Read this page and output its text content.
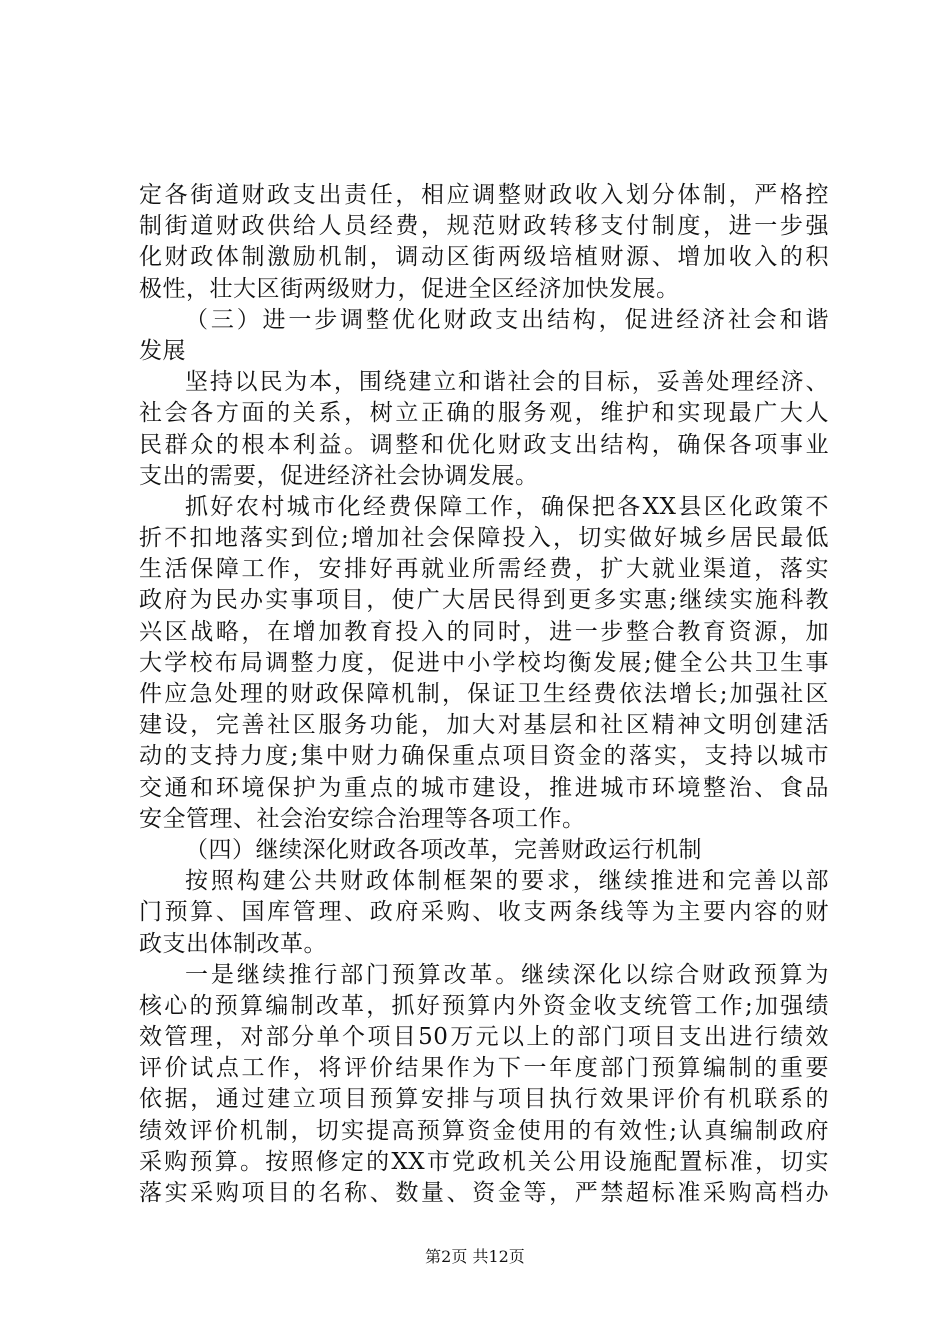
定各街道财政支出责任，相应调整财政收入划分体制，严格控
制街道财政供给人员经费，规范财政转移支付制度，进一步强
化财政体制激励机制，调动区街两级培植财源、增加收入的积
极性，壮大区街两级财力，促进全区经济加快发展。
（三）进一步调整优化财政支出结构，促进经济社会和谐
发展
坚持以民为本，围绕建立和谐社会的目标，妥善处理经济、
社会各方面的关系，树立正确的服务观，维护和实现最广大人
民群众的根本利益。调整和优化财政支出结构，确保各项事业
支出的需要，促进经济社会协调发展。
抓好农村城市化经费保障工作，确保把各XX县区化政策不
折不扣地落实到位;增加社会保障投入，切实做好城乡居民最低
生活保障工作，安排好再就业所需经费，扩大就业渠道，落实
政府为民办实事项目，使广大居民得到更多实惠;继续实施科教
兴区战略，在增加教育投入的同时，进一步整合教育资源，加
大学校布局调整力度，促进中小学校均衡发展;健全公共卫生事
件应急处理的财政保障机制，保证卫生经费依法增长;加强社区
建设，完善社区服务功能，加大对基层和社区精神文明创建活
动的支持力度;集中财力确保重点项目资金的落实，支持以城市
交通和环境保护为重点的城市建设，推进城市环境整治、食品
安全管理、社会治安综合治理等各项工作。
（四）继续深化财政各项改革，完善财政运行机制
按照构建公共财政体制框架的要求，继续推进和完善以部
门预算、国库管理、政府采购、收支两条线等为主要内容的财
政支出体制改革。
一是继续推行部门预算改革。继续深化以综合财政预算为
核心的预算编制改革，抓好预算内外资金收支统管工作;加强绩
效管理，对部分单个项目50万元以上的部门项目支出进行绩效
评价试点工作，将评价结果作为下一年度部门预算编制的重要
依据，通过建立项目预算安排与项目执行效果评价有机联系的
绩效评价机制，切实提高预算资金使用的有效性;认真编制政府
采购预算。按照修定的XX市党政机关公用设施配置标准，切实
落实采购项目的名称、数量、资金等，严禁超标准采购高档办
第2页 共12页
